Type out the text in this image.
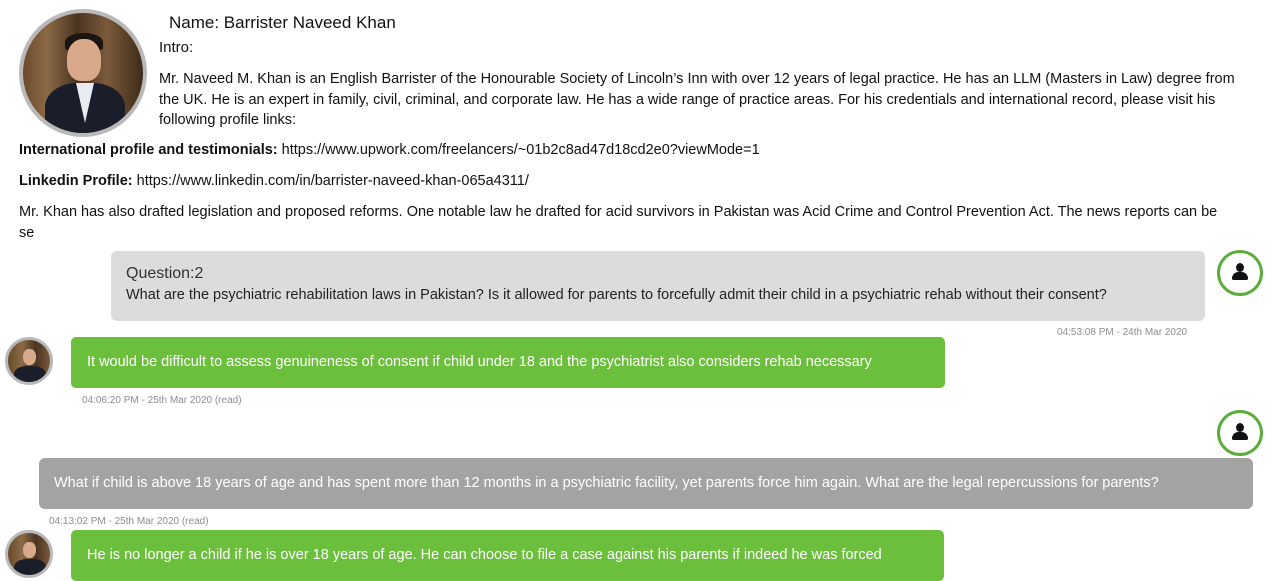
Name: Barrister Naveed Khan
Intro:
Mr. Naveed M. Khan is an English Barrister of the Honourable Society of Lincoln’s Inn with over 12 years of legal practice. He has an LLM (Masters in Law) degree from the UK. He is an expert in family, civil, criminal, and corporate law. He has a wide range of practice areas. For his credentials and international record, please visit his following profile links:
International profile and testimonials: https://www.upwork.com/freelancers/~01b2c8ad47d18cd2e0?viewMode=1
Linkedin Profile: https://www.linkedin.com/in/barrister-naveed-khan-065a4311/
Mr. Khan has also drafted legislation and proposed reforms. One notable law he drafted for acid survivors in Pakistan was Acid Crime and Control Prevention Act. The news reports can be se
Question:2
What are the psychiatric rehabilitation laws in Pakistan? Is it allowed for parents to forcefully admit their child in a psychiatric rehab without their consent?
04:53:08 PM - 24th Mar 2020
It would be difficult to assess genuineness of consent if child under 18 and the psychiatrist also considers rehab necessary
04:06:20 PM - 25th Mar 2020 (read)
What if child is above 18 years of age and has spent more than 12 months in a psychiatric facility, yet parents force him again. What are the legal repercussions for parents?
04:13:02 PM - 25th Mar 2020 (read)
He is no longer a child if he is over 18 years of age. He can choose to file a case against his parents if indeed he was forced
